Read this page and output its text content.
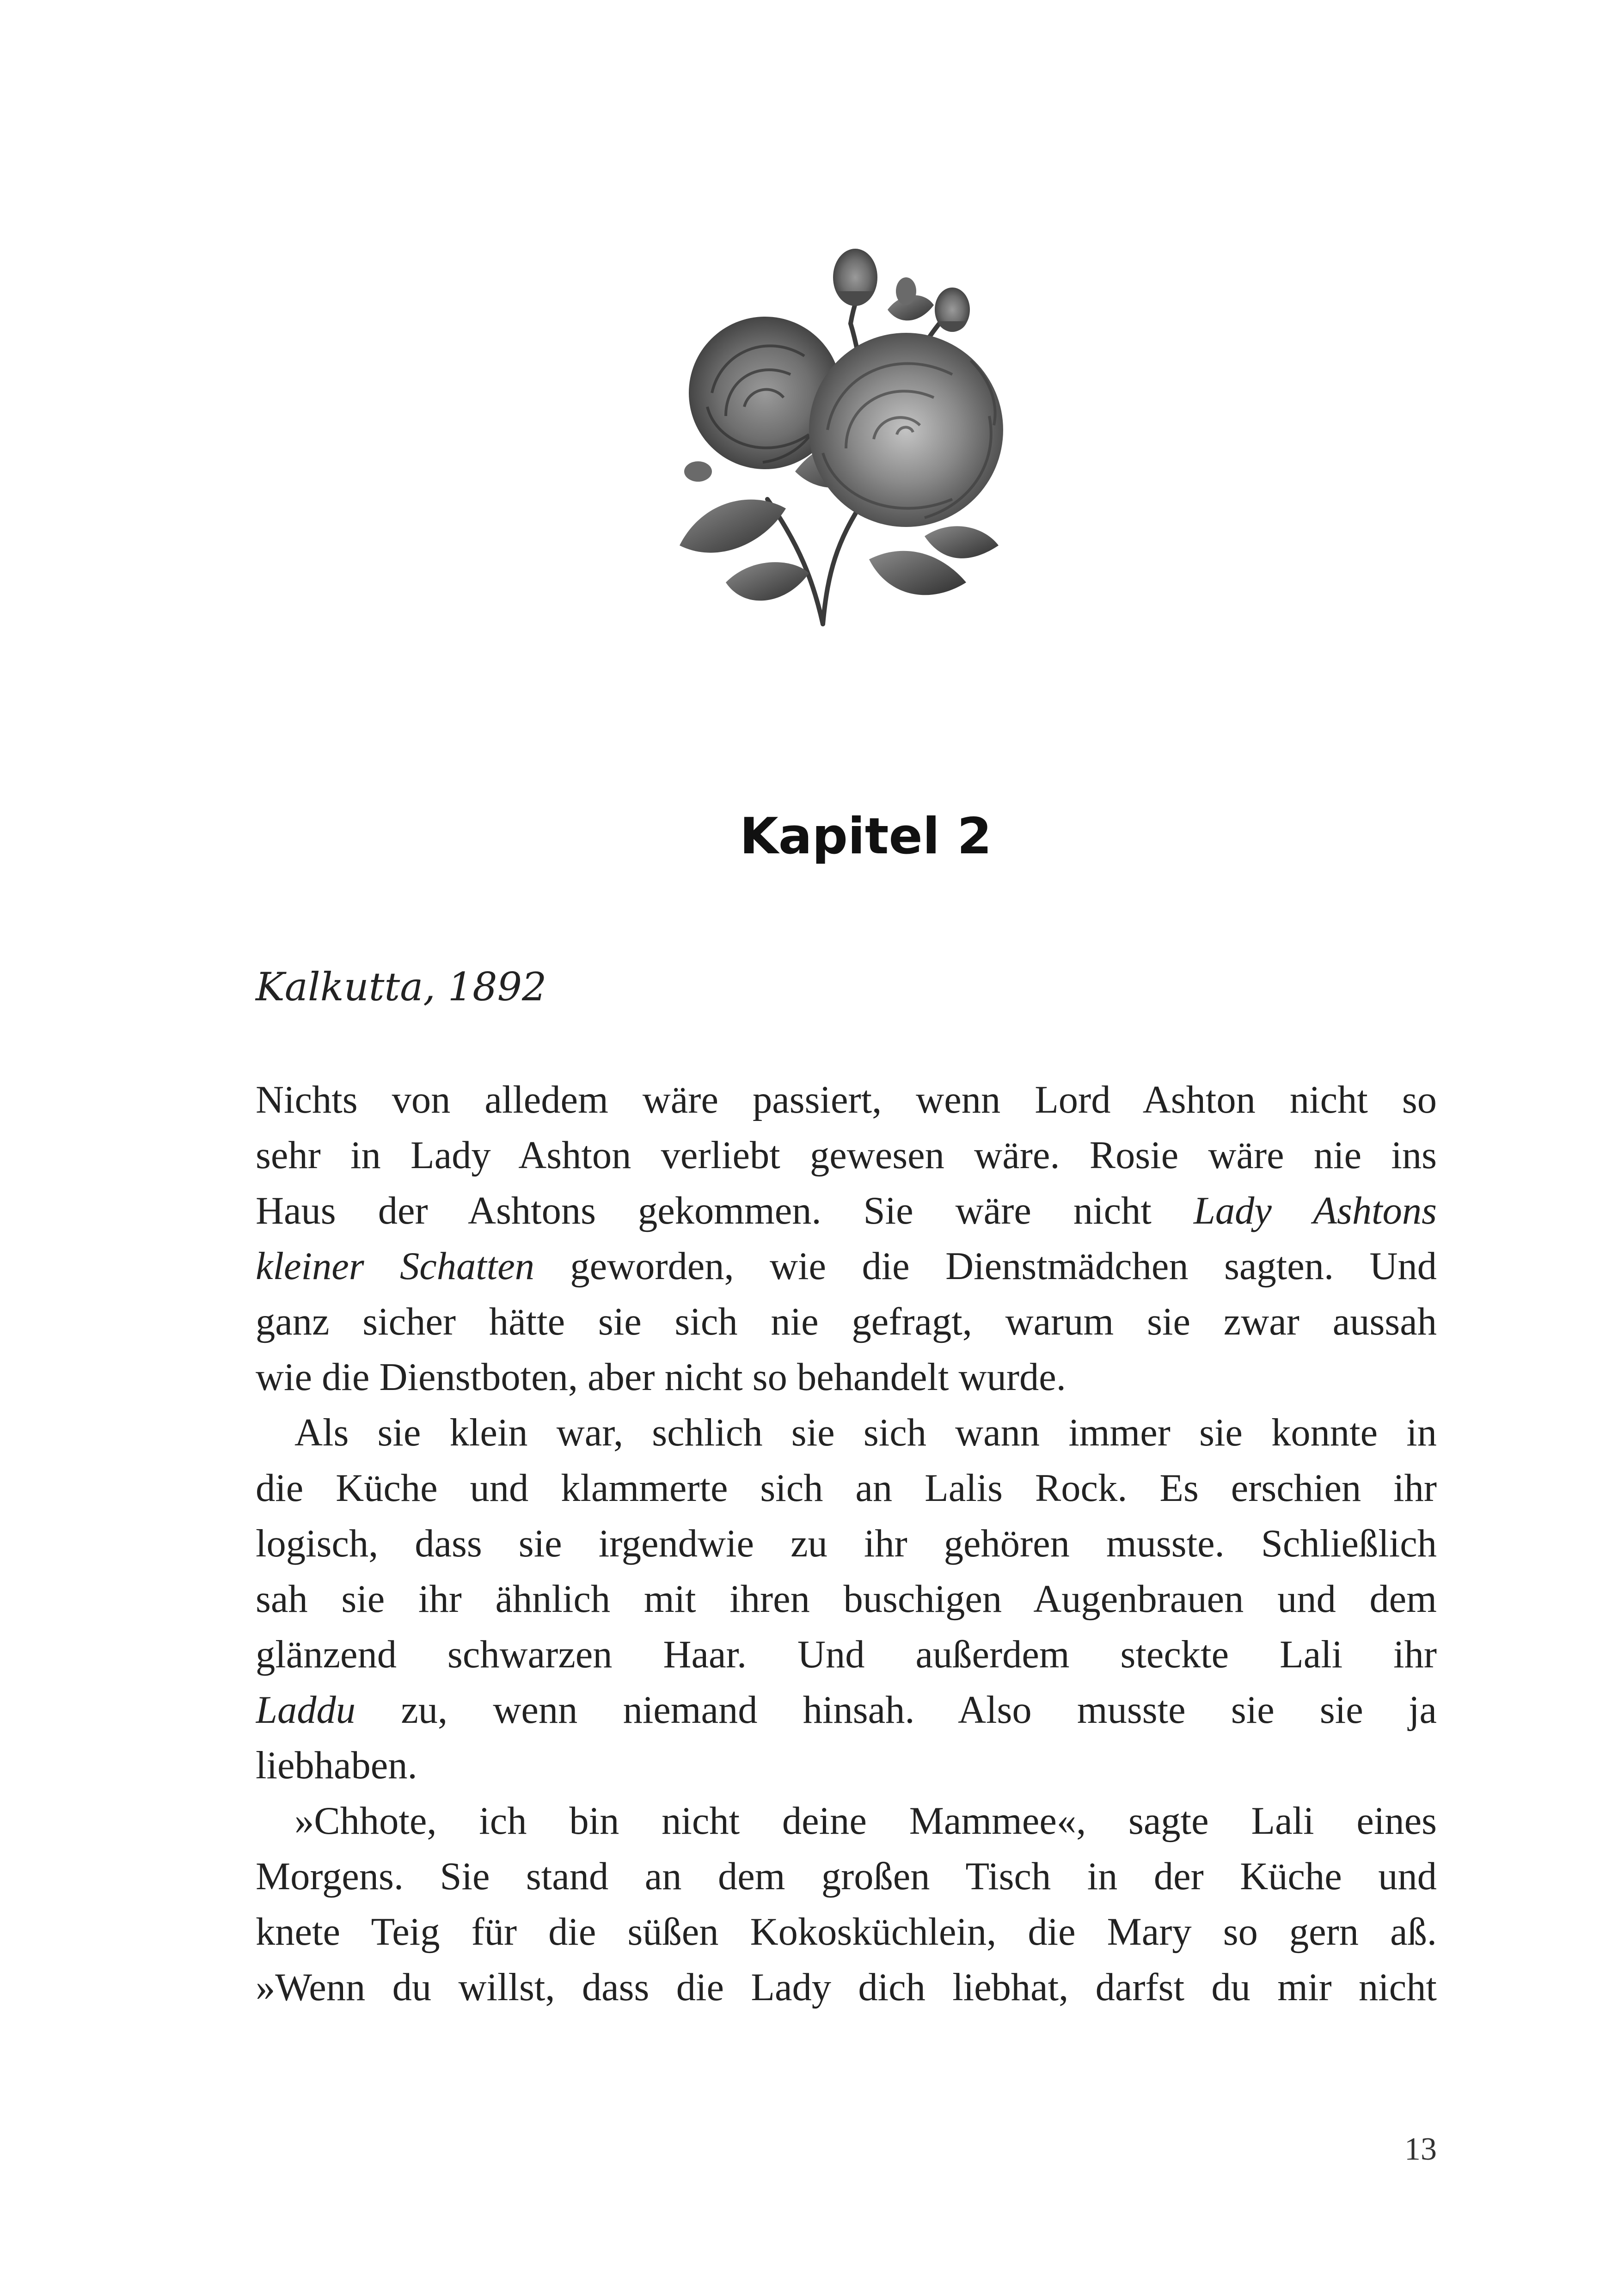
Kapitel 2
Kalkutta, 1892
Nichts von alledem wäre passiert, wenn Lord Ashton nicht so
sehr in Lady Ashton verliebt gewesen wäre. Rosie wäre nie ins
Haus der Ashtons gekommen. Sie wäre nicht Lady Ashtons
kleiner Schatten geworden, wie die Dienstmädchen sagten. Und
ganz sicher hätte sie sich nie gefragt, warum sie zwar aussah
wie die Dienstboten, aber nicht so behandelt wurde.
Als sie klein war, schlich sie sich wann immer sie konnte in
die Küche und klammerte sich an Lalis Rock. Es erschien ihr
logisch, dass sie irgendwie zu ihr gehören musste. Schließlich
sah sie ihr ähnlich mit ihren buschigen Augenbrauen und dem
glänzend schwarzen Haar. Und außerdem steckte Lali ihr
Laddu zu, wenn niemand hinsah. Also musste sie sie ja
liebhaben.
»Chhote, ich bin nicht deine Mammee«, sagte Lali eines
Morgens. Sie stand an dem großen Tisch in der Küche und
knete Teig für die süßen Kokosküchlein, die Mary so gern aß.
»Wenn du willst, dass die Lady dich liebhat, darfst du mir nicht
13
